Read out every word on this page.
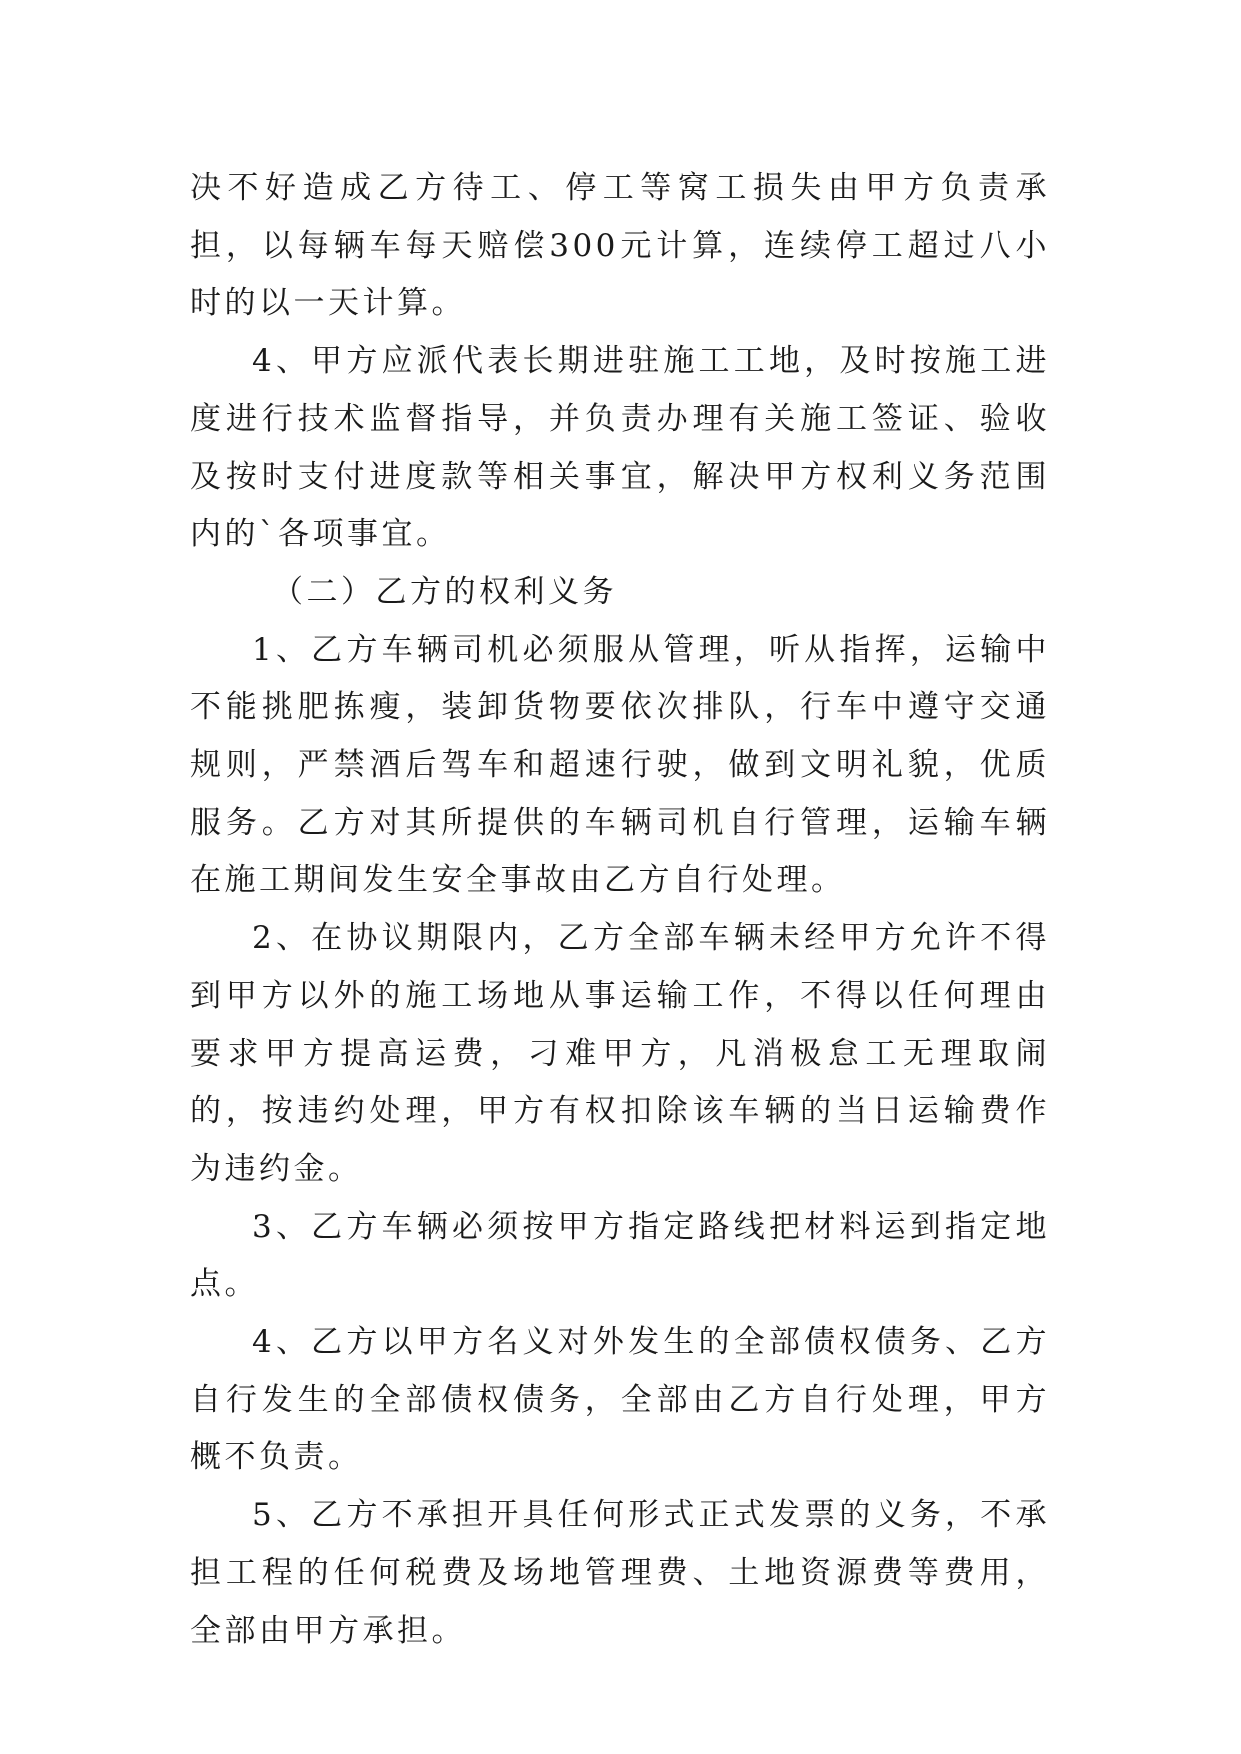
决不好造成乙方待工、停工等窝工损失由甲方负责承担，以每辆车每天赔偿300元计算，连续停工超过八小时的以一天计算。

4、甲方应派代表长期进驻施工工地，及时按施工进度进行技术监督指导，并负责办理有关施工签证、验收及按时支付进度款等相关事宜，解决甲方权利义务范围内的`各项事宜。

（二）乙方的权利义务

1、乙方车辆司机必须服从管理，听从指挥，运输中不能挑肥拣瘦，装卸货物要依次排队，行车中遵守交通规则，严禁酒后驾车和超速行驶，做到文明礼貌，优质服务。乙方对其所提供的车辆司机自行管理，运输车辆在施工期间发生安全事故由乙方自行处理。

2、在协议期限内，乙方全部车辆未经甲方允许不得到甲方以外的施工场地从事运输工作，不得以任何理由要求甲方提高运费，刁难甲方，凡消极怠工无理取闹的，按违约处理，甲方有权扣除该车辆的当日运输费作为违约金。

3、乙方车辆必须按甲方指定路线把材料运到指定地点。

4、乙方以甲方名义对外发生的全部债权债务、乙方自行发生的全部债权债务，全部由乙方自行处理，甲方概不负责。

5、乙方不承担开具任何形式正式发票的义务，不承担工程的任何税费及场地管理费、土地资源费等费用，全部由甲方承担。
